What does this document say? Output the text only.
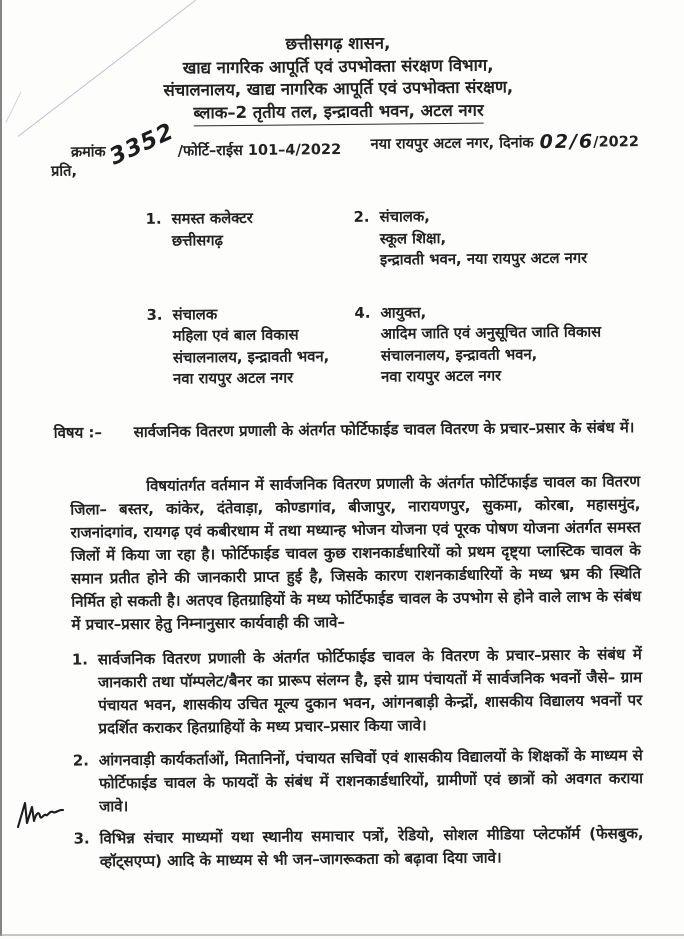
छत्तीसगढ़ शासन,
खाद्य नागरिक आपूर्ति एवं उपभोक्ता संरक्षण विभाग,
संचालनालय, खाद्य नागरिक आपूर्ति एवं उपभोक्ता संरक्षण,
ब्लाक–2 तृतीय तल, इन्द्रावती भवन, अटल नगर
क्रमांक3352/फोर्टि–राईस 101–4/2022 नया रायपुर अटल नगर, दिनांक 02/6/2022
प्रति,
1. समस्त कलेक्टर
छत्तीसगढ़
2. संचालक,
स्कूल शिक्षा,
इन्द्रावती भवन, नया रायपुर अटल नगर
3. संचालक
महिला एवं बाल विकास
संचालनालय, इन्द्रावती भवन,
नवा रायपुर अटल नगर
4. आयुक्त,
आदिम जाति एवं अनुसूचित जाति विकास
संचालनालय, इन्द्रावती भवन,
नवा रायपुर अटल नगर
विषय :–	सार्वजनिक वितरण प्रणाली के अंतर्गत फोर्टिफाईड चावल वितरण के प्रचार–प्रसार के संबंध में।
विषयांतर्गत वर्तमान में सार्वजनिक वितरण प्रणाली के अंतर्गत फोर्टिफाईड चावल का वितरण जिला– बस्तर, कांकेर, दंतेवाड़ा, कोण्डागांव, बीजापुर, नारायणपुर, सुकमा, कोरबा, महासमुंद, राजनांदगांव, रायगढ़ एवं कबीरधाम में तथा मध्यान्ह भोजन योजना एवं पूरक पोषण योजना अंतर्गत समस्त जिलों में किया जा रहा है। फोर्टिफाईड चावल कुछ राशनकार्डधारियों को प्रथम दृष्ट्या प्लास्टिक चावल के समान प्रतीत होने की जानकारी प्राप्त हुई है, जिसके कारण राशनकार्डधारियों के मध्य भ्रम की स्थिति निर्मित हो सकती है। अतएव हितग्राहियों के मध्य फोर्टिफाईड चावल के उपभोग से होने वाले लाभ के संबंध में प्रचार–प्रसार हेतु निम्नानुसार कार्यवाही की जावे–
1. सार्वजनिक वितरण प्रणाली के अंतर्गत फोर्टिफाईड चावल के वितरण के प्रचार–प्रसार के संबंध में जानकारी तथा पॉम्पलेट/बैनर का प्रारूप संलग्न है, इसे ग्राम पंचायतों में सार्वजनिक भवनों जैसे– ग्राम पंचायत भवन, शासकीय उचित मूल्य दुकान भवन, आंगनबाड़ी केन्द्रों, शासकीय विद्यालय भवनों पर प्रदर्शित कराकर हितग्राहियों के मध्य प्रचार–प्रसार किया जावे।
2. आंगनवाड़ी कार्यकर्ताओं, मितानिनों, पंचायत सचिवों एवं शासकीय विद्यालयों के शिक्षकों के माध्यम से फोर्टिफाईड चावल के फायदों के संबंध में राशनकार्डधारियों, ग्रामीणों एवं छात्रों को अवगत कराया जावे।
3. विभिन्न संचार माध्यमों यथा स्थानीय समाचार पत्रों, रेडियो, सोशल मीडिया प्लेटफॉर्म (फेसबुक, व्हॉट्सएप्प) आदि के माध्यम से भी जन–जागरूकता को बढ़ावा दिया जावे।
